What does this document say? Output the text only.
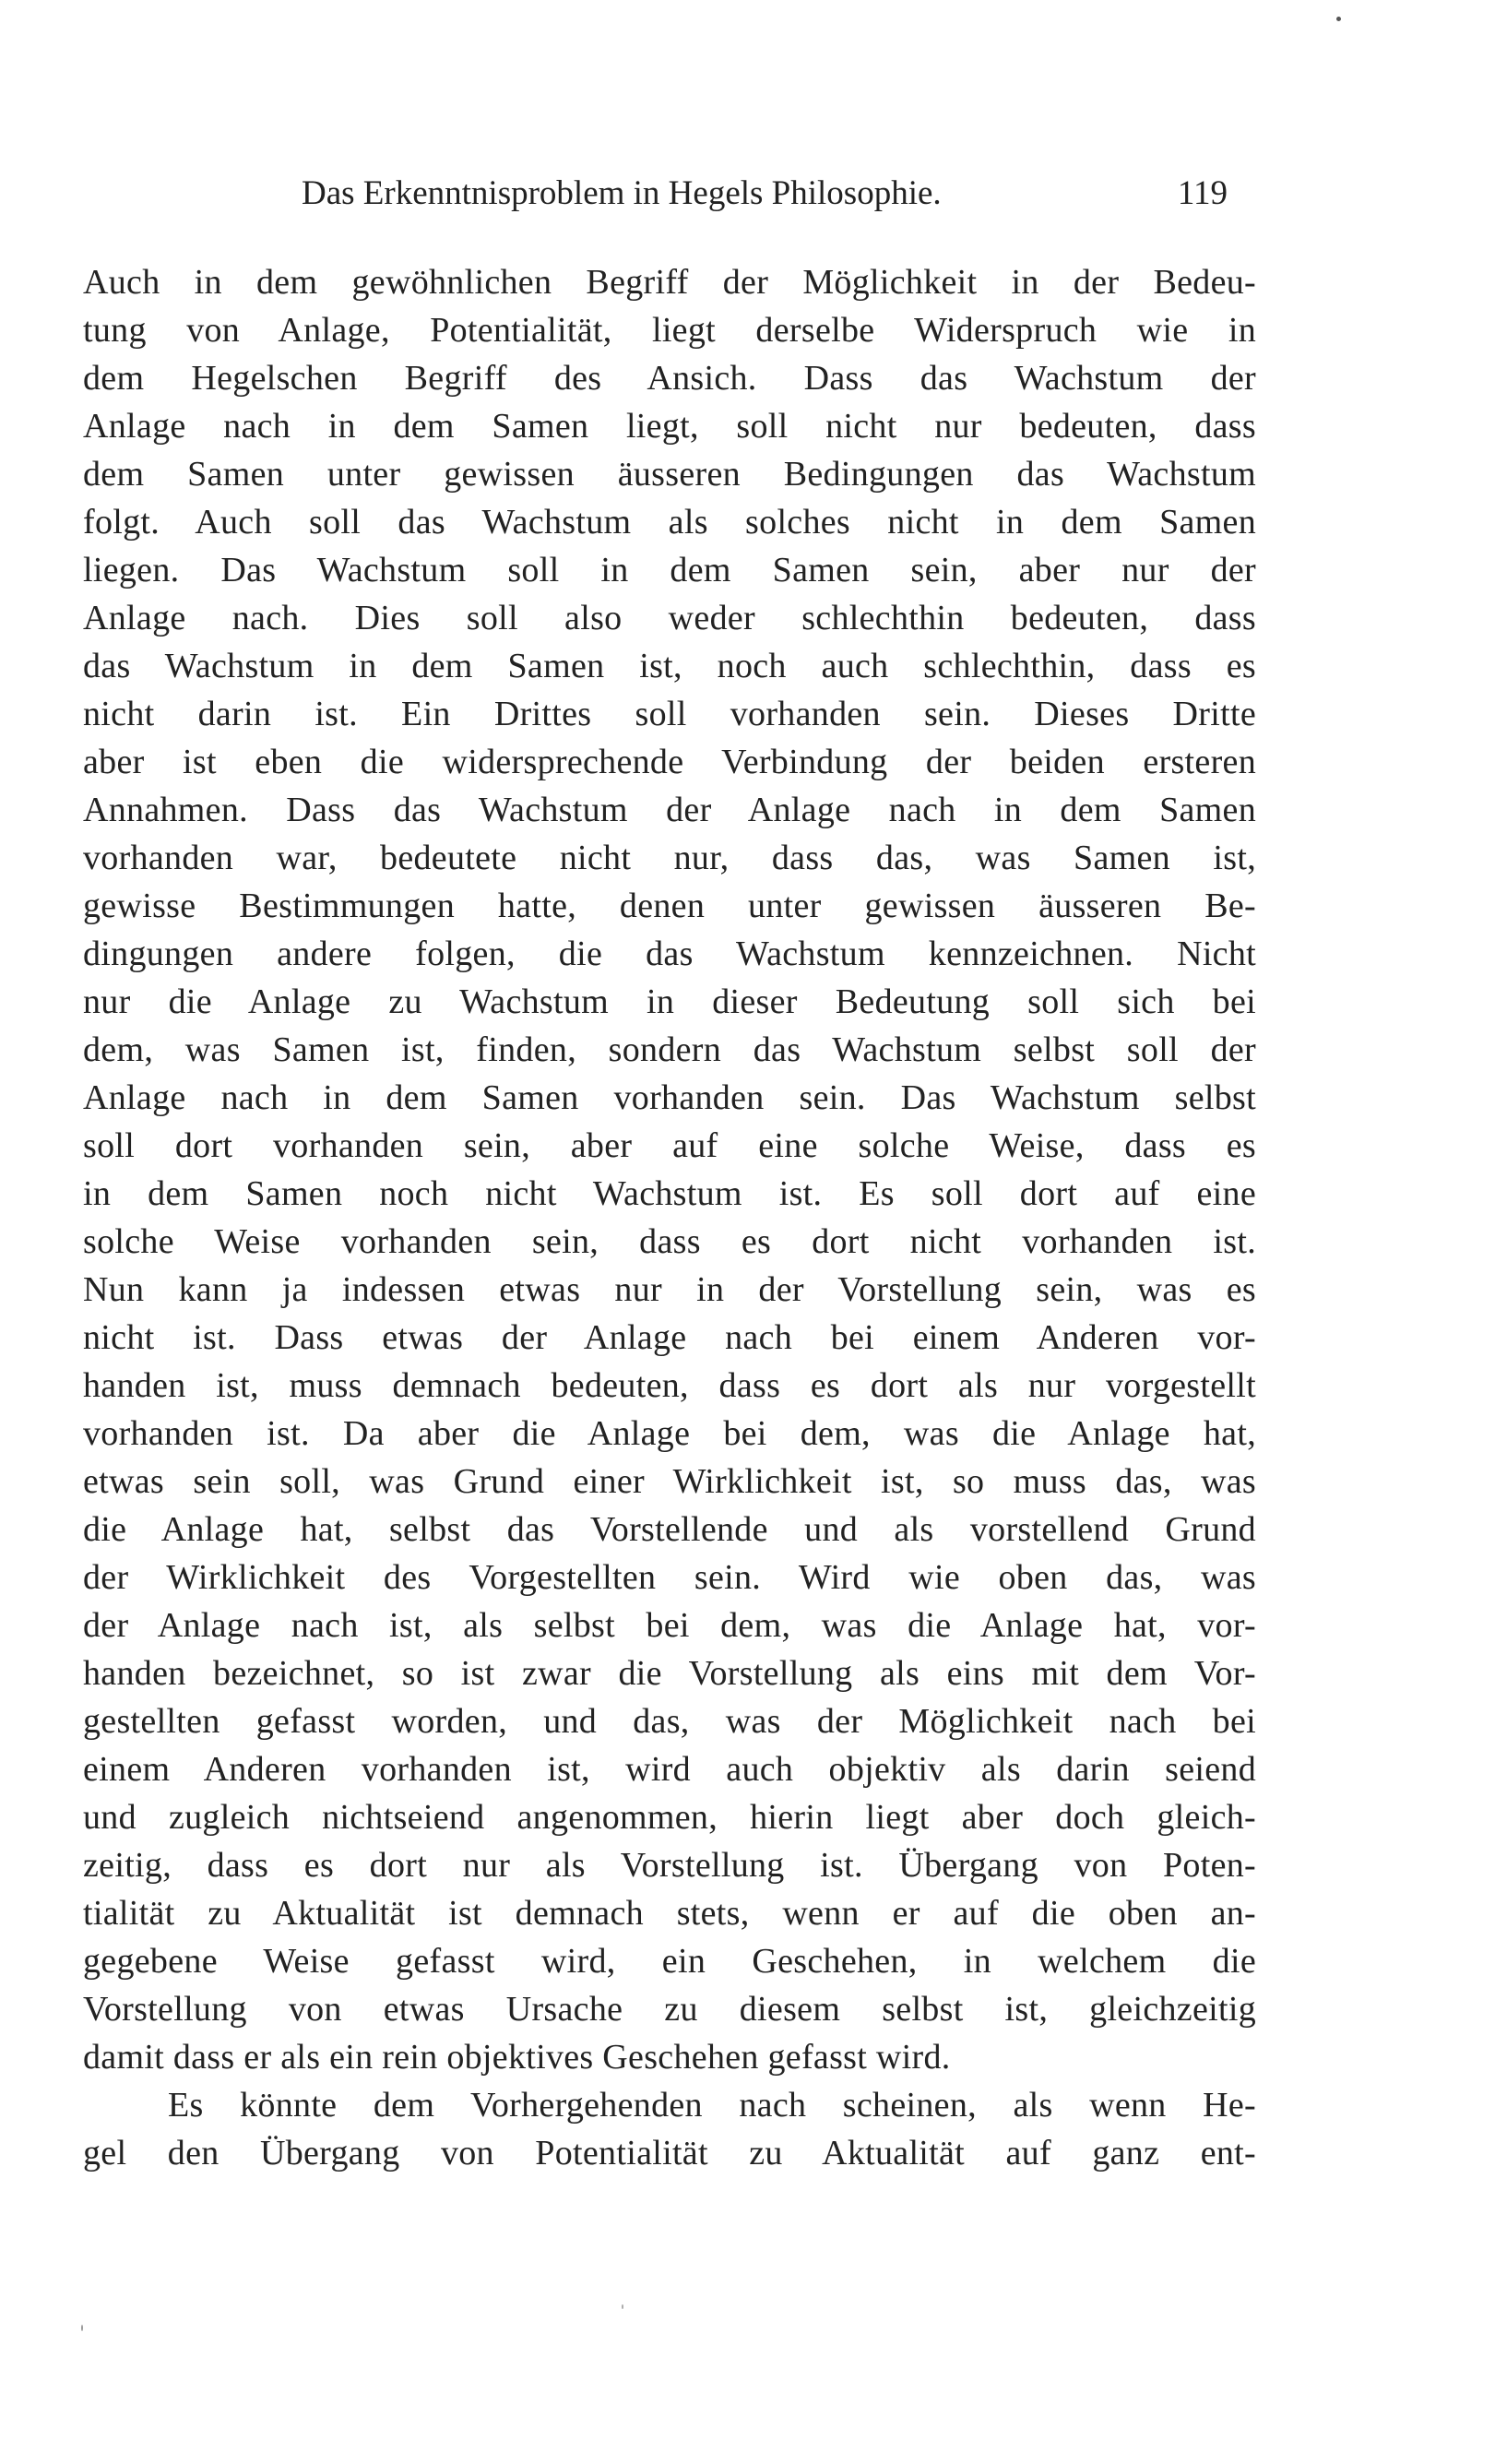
Das Erkenntnisproblem in Hegels Philosophie.	119
Auch in dem gewöhnlichen Begriff der Möglichkeit in der Bedeu-
tung von Anlage, Potentialität, liegt derselbe Widerspruch wie in
dem Hegelschen Begriff des Ansich. Dass das Wachstum der
Anlage nach in dem Samen liegt, soll nicht nur bedeuten, dass
dem Samen unter gewissen äusseren Bedingungen das Wachstum
folgt. Auch soll das Wachstum als solches nicht in dem Samen
liegen. Das Wachstum soll in dem Samen sein, aber nur der
Anlage nach. Dies soll also weder schlechthin bedeuten, dass
das Wachstum in dem Samen ist, noch auch schlechthin, dass es
nicht darin ist. Ein Drittes soll vorhanden sein. Dieses Dritte
aber ist eben die widersprechende Verbindung der beiden ersteren
Annahmen. Dass das Wachstum der Anlage nach in dem Samen
vorhanden war, bedeutete nicht nur, dass das, was Samen ist,
gewisse Bestimmungen hatte, denen unter gewissen äusseren Be-
dingungen andere folgen, die das Wachstum kennzeichnen. Nicht
nur die Anlage zu Wachstum in dieser Bedeutung soll sich bei
dem, was Samen ist, finden, sondern das Wachstum selbst soll der
Anlage nach in dem Samen vorhanden sein. Das Wachstum selbst
soll dort vorhanden sein, aber auf eine solche Weise, dass es
in dem Samen noch nicht Wachstum ist. Es soll dort auf eine
solche Weise vorhanden sein, dass es dort nicht vorhanden ist.
Nun kann ja indessen etwas nur in der Vorstellung sein, was es
nicht ist. Dass etwas der Anlage nach bei einem Anderen vor-
handen ist, muss demnach bedeuten, dass es dort als nur vorgestellt
vorhanden ist. Da aber die Anlage bei dem, was die Anlage hat,
etwas sein soll, was Grund einer Wirklichkeit ist, so muss das, was
die Anlage hat, selbst das Vorstellende und als vorstellend Grund
der Wirklichkeit des Vorgestellten sein. Wird wie oben das, was
der Anlage nach ist, als selbst bei dem, was die Anlage hat, vor-
handen bezeichnet, so ist zwar die Vorstellung als eins mit dem Vor-
gestellten gefasst worden, und das, was der Möglichkeit nach bei
einem Anderen vorhanden ist, wird auch objektiv als darin seiend
und zugleich nichtseiend angenommen, hierin liegt aber doch gleich-
zeitig, dass es dort nur als Vorstellung ist. Übergang von Poten-
tialität zu Aktualität ist demnach stets, wenn er auf die oben an-
gegebene Weise gefasst wird, ein Geschehen, in welchem die
Vorstellung von etwas Ursache zu diesem selbst ist, gleichzeitig
damit dass er als ein rein objektives Geschehen gefasst wird.
Es könnte dem Vorhergehenden nach scheinen, als wenn He-
gel den Übergang von Potentialität zu Aktualität auf ganz ent-
